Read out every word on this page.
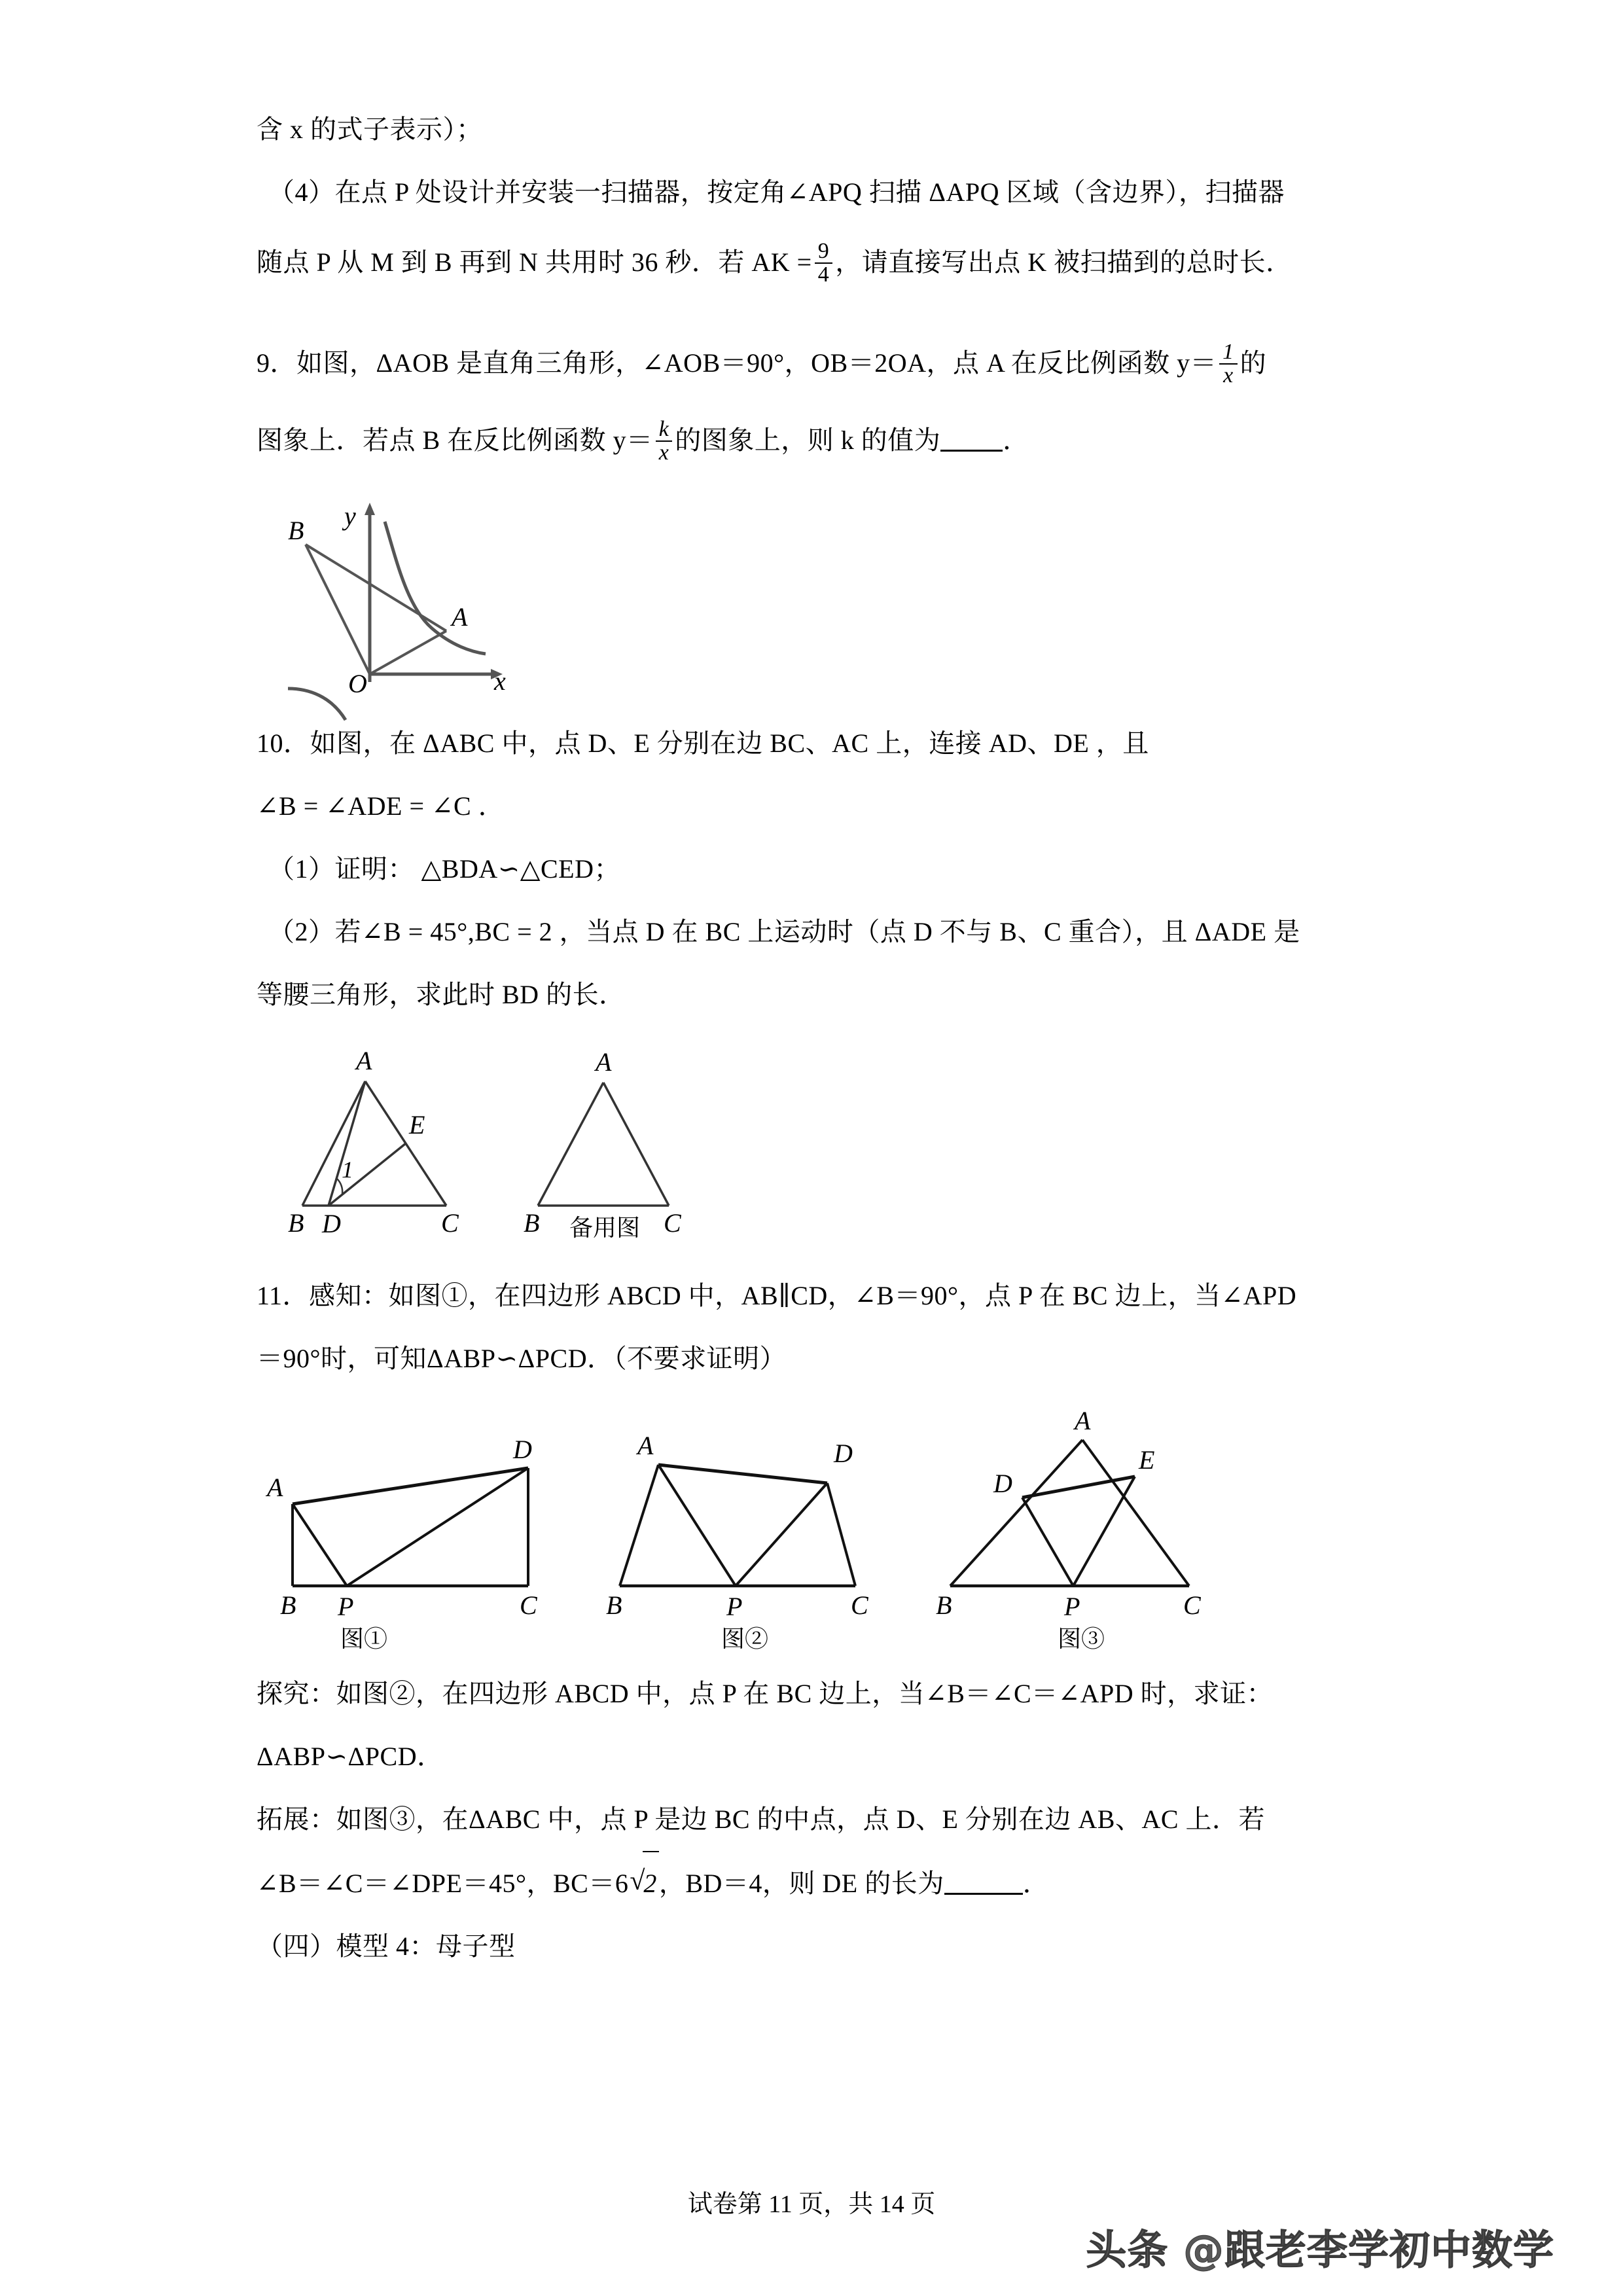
含 x 的式子表示）；

（4）在点 P 处设计并安装一扫描器，按定角∠APQ 扫描 ΔAPQ 区域（含边界），扫描器

随点 P 从 M 到 B 再到 N 共用时 36 秒．若 AK = $\frac{9}{4}$ ，请直接写出点 K 被扫描到的总时长．

9．如图，ΔAOB 是直角三角形，∠AOB＝90°，OB＝2OA，点 A 在反比例函数 $y= \frac{1}{x}$ 的

图象上．若点 B 在反比例函数 $y= \frac{k}{x}$ 的图象上，则 k 的值为 ．

B
A
O	x
y

10．如图，在 ΔABC 中，点 D、E 分别在边 BC、AC 上，连接 AD、DE ，且

∠B = ∠ADE = ∠C ．

（1）证明： △BDA∽△CED；

（2）若∠B = 45°,BC = 2 ，当点 D 在 BC 上运动时（点 D 不与 B、C 重合），且 ΔADE 是

等腰三角形，求此时 BD 的长．

A
B D	C
E
1
A
B	C
备用图

11．感知：如图①，在四边形 ABCD 中，AB∥CD，∠B＝90°，点 P 在 BC 边上，当∠APD

＝90°时，可知ΔABP∽ΔPCD．（不要求证明）

A
D
B P	C
图①
A	D
B	P	C
图②
A
E
D
B	P	C
图③

探究：如图②，在四边形 ABCD 中，点 P 在 BC 边上，当∠B＝∠C＝∠APD 时，求证：

ΔABP∽ΔPCD．

拓展：如图③，在ΔABC 中，点 P 是边 BC 的中点，点 D、E 分别在边 AB、AC 上．若

∠B＝∠C＝∠DPE＝45°，BC＝6 √ 2，BD＝4，则 DE 的长为	．

（四）模型 4：母子型

试卷第 11 页，共 14 页
头条 @跟老李学初中数学
